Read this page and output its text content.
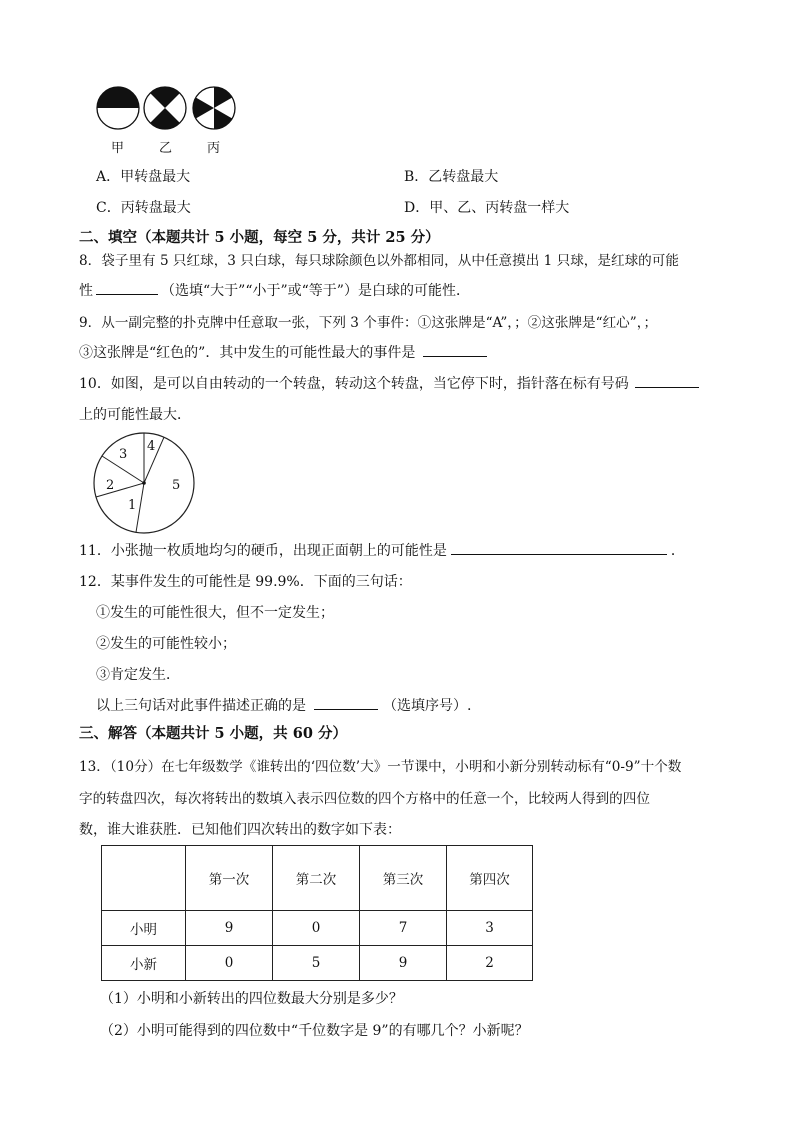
甲	乙	丙
A．甲转盘最大	B．乙转盘最大
C．丙转盘最大	D．甲、乙、丙转盘一样大
二、填空（本题共计 5 小题，每空 5 分，共计 25 分）
8．袋子里有 5 只红球，3 只白球，每只球除颜色以外都相同，从中任意摸出 1 只球，是红球的可能
性	（选填“大于”“小于”或“等于”）是白球的可能性．
9．从一副完整的扑克牌中任意取一张，下列 3 个事件：①这张牌是“A”，；②这张牌是“红心”，；
③这张牌是“红色的”．其中发生的可能性最大的事件是
10．如图，是可以自由转动的一个转盘，转动这个转盘，当它停下时，指针落在标有号码
上的可能性最大．
1
2
3
4
5
11．小张抛一枚质地均匀的硬币，出现正面朝上的可能性是	．
12．某事件发生的可能性是 99.9%．下面的三句话：
①发生的可能性很大，但不一定发生；
②发生的可能性较小；
③肯定发生．
以上三句话对此事件描述正确的是	（选填序号）.
三、解答（本题共计 5 小题，共 60 分）
13．（10分）在七年级数学《谁转出的‘四位数’大》一节课中，小明和小新分别转动标有“0-9”十个数
字的转盘四次，每次将转出的数填入表示四位数的四个方格中的任意一个，比较两人得到的四位
数，谁大谁获胜．已知他们四次转出的数字如下表：
	第一次	第二次	第三次	第四次
小明	9	0	7	3
小新	0	5	9	2
（1）小明和小新转出的四位数最大分别是多少？
（2）小明可能得到的四位数中“千位数字是 9”的有哪几个？小新呢？
